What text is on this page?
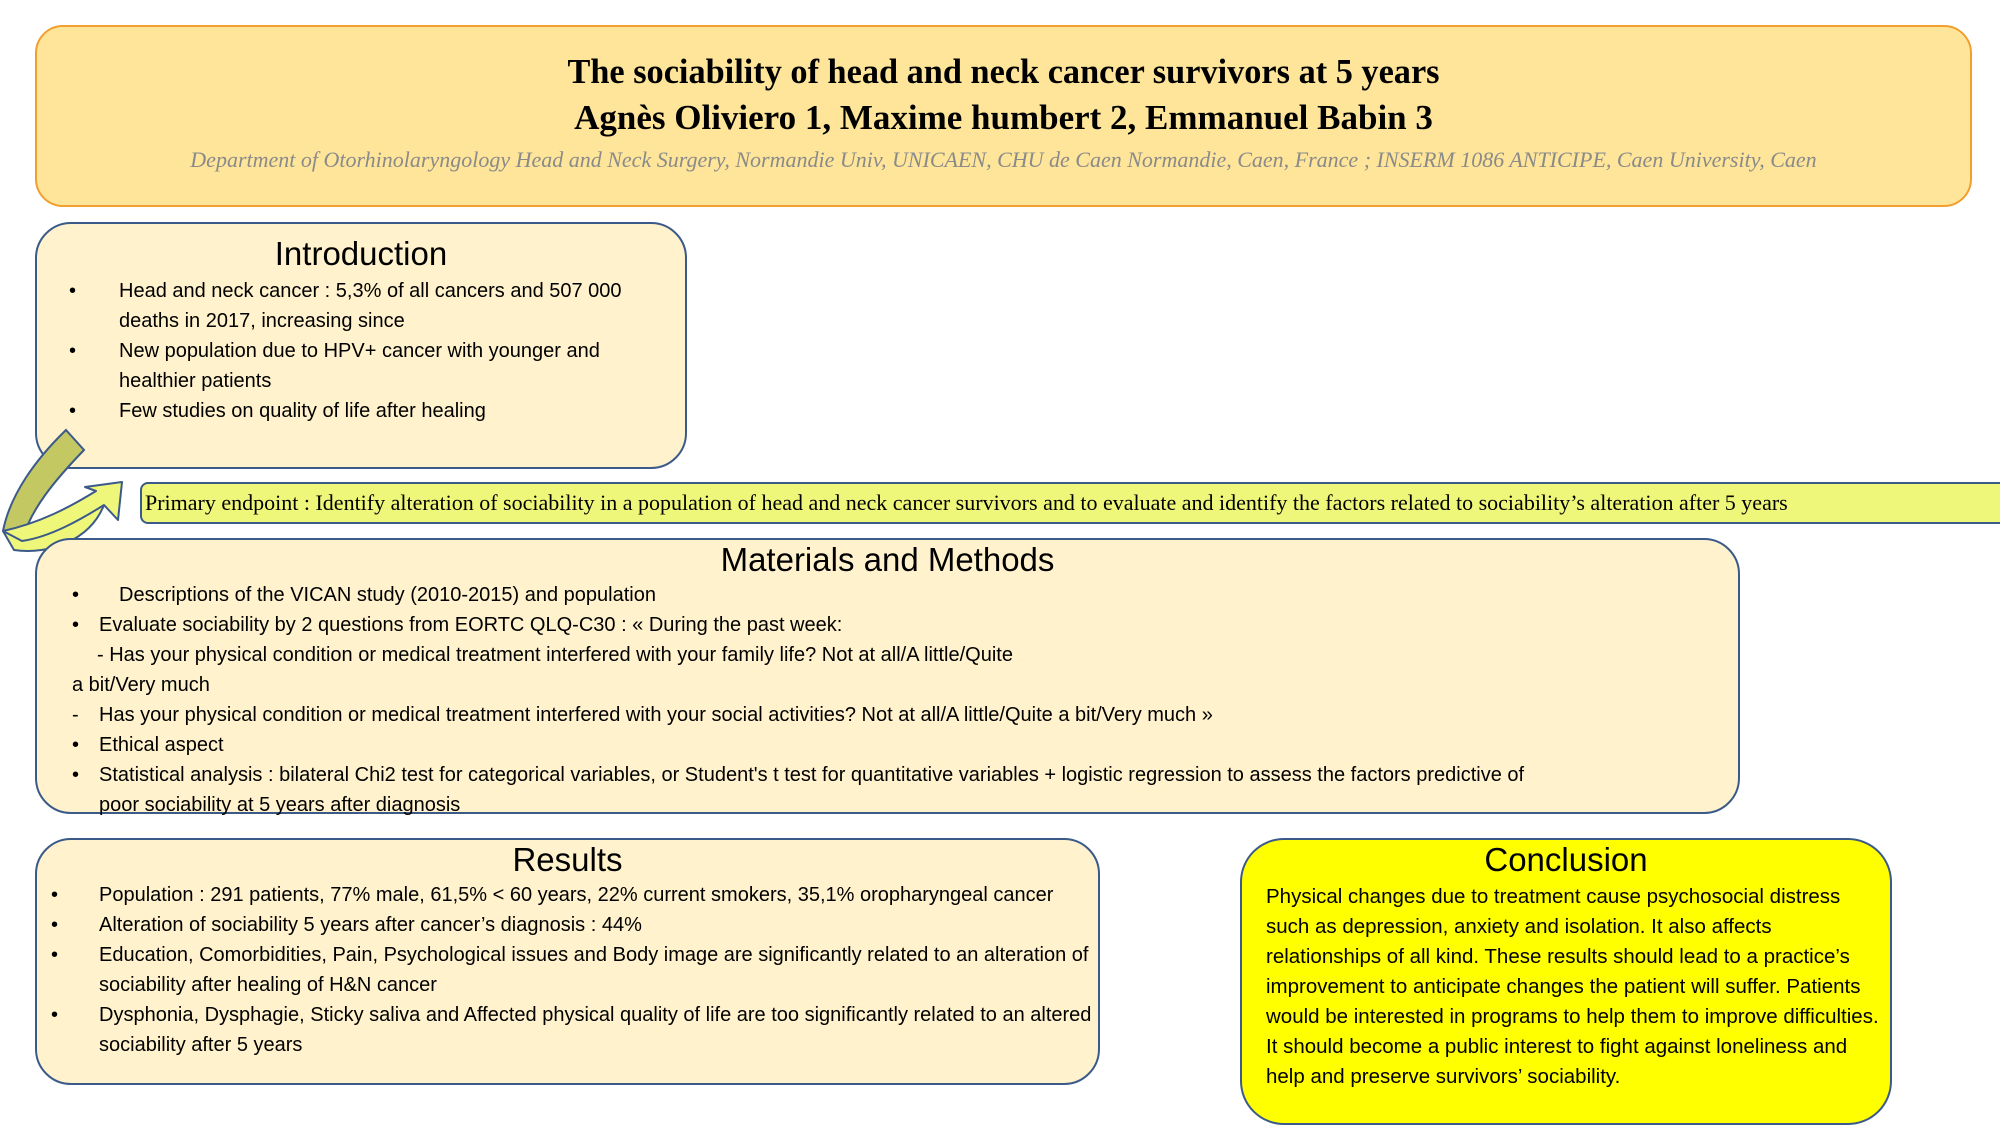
The sociability of head and neck cancer survivors at 5 years
Agnès Oliviero 1, Maxime humbert 2, Emmanuel Babin 3
Department of Otorhinolaryngology Head and Neck Surgery, Normandie Univ, UNICAEN, CHU de Caen Normandie, Caen, France ; INSERM 1086 ANTICIPE, Caen University, Caen
Introduction
• Head and neck cancer : 5,3% of all cancers and 507 000 deaths in 2017, increasing since
• New population due to HPV+ cancer with younger and healthier patients
• Few studies on quality of life after healing
Primary endpoint : Identify alteration of sociability in a population of head and neck cancer survivors and to evaluate and identify the factors related to sociability’s alteration after 5 years
Materials and Methods
• Descriptions of the VICAN study (2010-2015) and population
• Evaluate sociability by 2 questions from EORTC QLQ-C30 : « During the past week:
- Has your physical condition or medical treatment interfered with your family life? Not at all/A little/Quite
a bit/Very much
- Has your physical condition or medical treatment interfered with your social activities? Not at all/A little/Quite a bit/Very much »
• Ethical aspect
• Statistical analysis : bilateral Chi2 test for categorical variables, or Student's t test for quantitative variables + logistic regression to assess the factors predictive of
poor sociability at 5 years after diagnosis
Results
• Population : 291 patients, 77% male, 61,5% < 60 years, 22% current smokers, 35,1% oropharyngeal cancer
• Alteration of sociability 5 years after cancer’s diagnosis : 44%
• Education, Comorbidities, Pain, Psychological issues and Body image are significantly related to an alteration of sociability after healing of H&N cancer
• Dysphonia, Dysphagie, Sticky saliva and Affected physical quality of life are too significantly related to an altered sociability after 5 years
Conclusion

Physical changes due to treatment cause psychosocial distress such as depression, anxiety and isolation. It also affects relationships of all kind. These results should lead to a practice’s improvement to anticipate changes the patient will suffer. Patients would be interested in programs to help them to improve difficulties. It should become a public interest to fight against loneliness and help and preserve survivors’ sociability.
